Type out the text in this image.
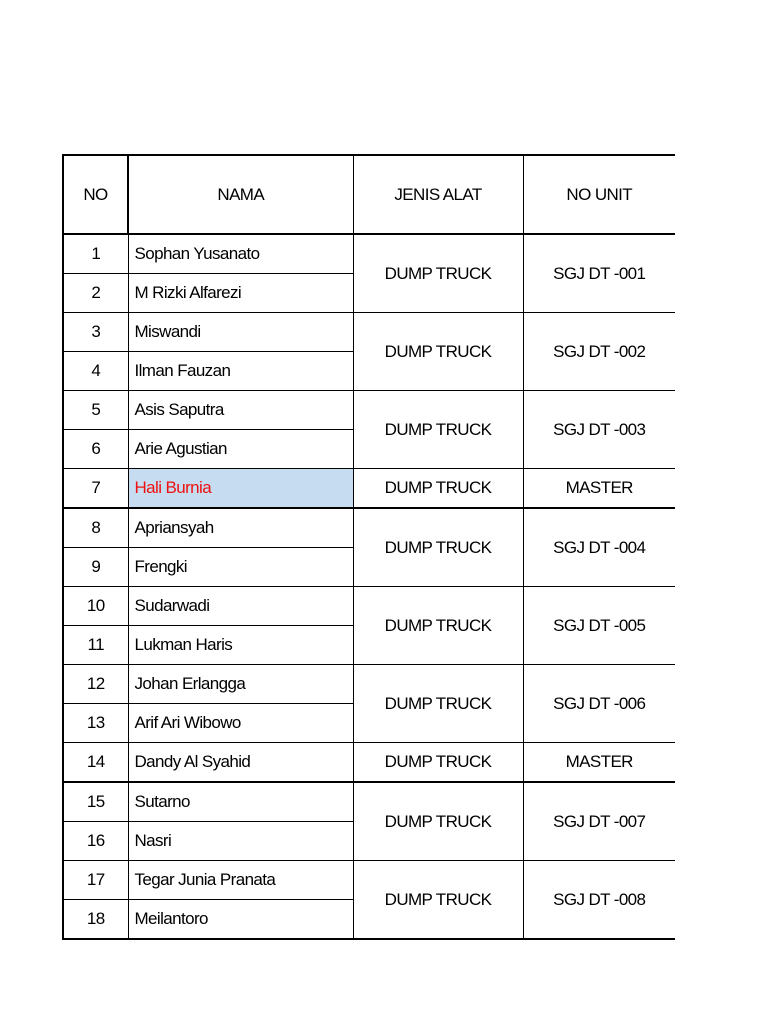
NO	NAMA	JENIS ALAT	NO UNIT
1	Sophan Yusanato	DUMP TRUCK	SGJ DT -001
2	M Rizki Alfarezi		
3	Miswandi	DUMP TRUCK	SGJ DT -002
4	Ilman Fauzan		
5	Asis Saputra	DUMP TRUCK	SGJ DT -003
6	Arie Agustian		
7	Hali Burnia	DUMP TRUCK	MASTER
8	Apriansyah	DUMP TRUCK	SGJ DT -004
9	Frengki		
10	Sudarwadi	DUMP TRUCK	SGJ DT -005
11	Lukman Haris		
12	Johan Erlangga	DUMP TRUCK	SGJ DT -006
13	Arif Ari Wibowo		
14	Dandy Al Syahid	DUMP TRUCK	MASTER
15	Sutarno	DUMP TRUCK	SGJ DT -007
16	Nasri		
17	Tegar Junia Pranata	DUMP TRUCK	SGJ DT -008
18	Meilantoro		
